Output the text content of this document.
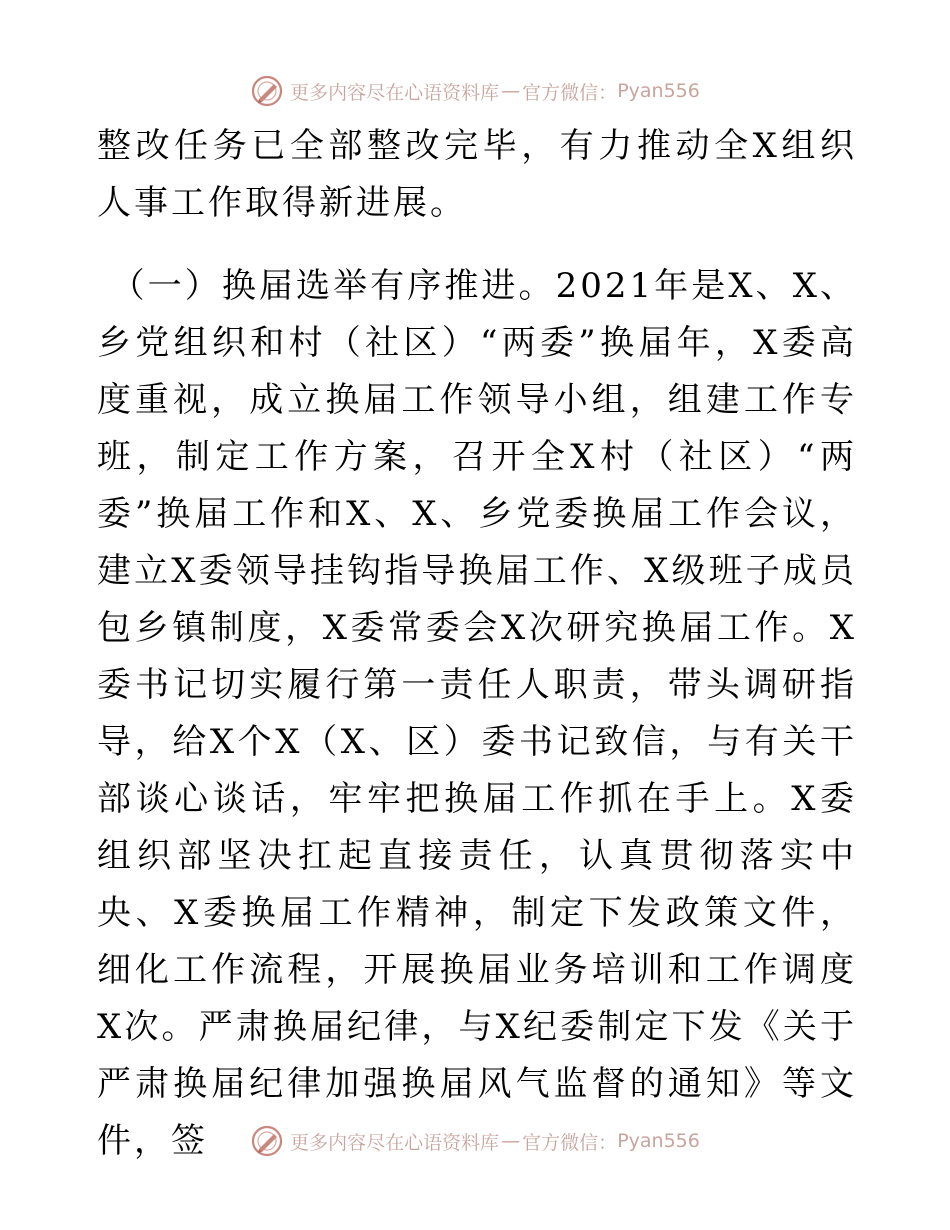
更多内容尽在心语资料库 — 官方微信： Pyan556

整改任务已全部整改完毕，有力推动全X组织人事工作取得新进展。

（一）换届选举有序推进。2021年是X、X、乡党组织和村（社区）“两委”换届年，X委高度重视，成立换届工作领导小组，组建工作专班，制定工作方案，召开全X村（社区）“两委”换届工作和X、X、乡党委换届工作会议，建立X委领导挂钩指导换届工作、X级班子成员包乡镇制度，X委常委会X次研究换届工作。X委书记切实履行第一责任人职责，带头调研指导，给X个X（X、区）委书记致信，与有关干部谈心谈话，牢牢把换届工作抓在手上。X委组织部坚决扛起直接责任，认真贯彻落实中央、X委换届工作精神，制定下发政策文件，细化工作流程，开展换届业务培训和工作调度X次。严肃换届纪律，与X纪委制定下发《关于严肃换届纪律加强换届风气监督的通知》等文件，签	更多内容尽在心语资料库 — 官方微信： Pyan556
